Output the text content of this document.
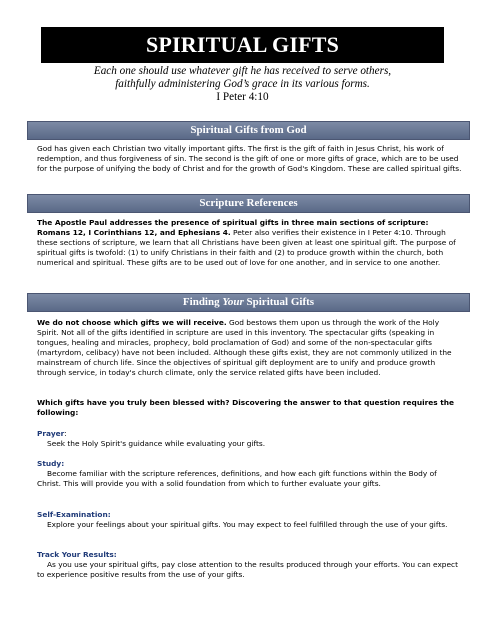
SPIRITUAL GIFTS
Each one should use whatever gift he has received to serve others,
faithfully administering God’s grace in its various forms.
I Peter 4:10
Spiritual Gifts from God

God has given each Christian two vitally important gifts. The first is the gift of faith in Jesus Christ, his work of redemption, and thus forgiveness of sin. The second is the gift of one or more gifts of grace, which are to be used for the purpose of unifying the body of Christ and for the growth of God's Kingdom. These are called spiritual gifts.

Scripture References

The Apostle Paul addresses the presence of spiritual gifts in three main sections of scripture: Romans 12, I Corinthians 12, and Ephesians 4. Peter also verifies their existence in I Peter 4:10. Through these sections of scripture, we learn that all Christians have been given at least one spiritual gift. The purpose of spiritual gifts is twofold: (1) to unify Christians in their faith and (2) to produce growth within the church, both numerical and spiritual. These gifts are to be used out of love for one another, and in service to one another.

Finding Your Spiritual Gifts

We do not choose which gifts we will receive. God bestows them upon us through the work of the Holy Spirit. Not all of the gifts identified in scripture are used in this inventory. The spectacular gifts (speaking in tongues, healing and miracles, prophecy, bold proclamation of God) and some of the non-spectacular gifts (martyrdom, celibacy) have not been included. Although these gifts exist, they are not commonly utilized in the mainstream of church life. Since the objectives of spiritual gift deployment are to unify and produce growth through service, in today's church climate, only the service related gifts have been included.

Which gifts have you truly been blessed with? Discovering the answer to that question requires the following:

Prayer:

Seek the Holy Spirit's guidance while evaluating your gifts.

Study:

Become familiar with the scripture references, definitions, and how each gift functions within the Body of Christ. This will provide you with a solid foundation from which to further evaluate your gifts.

Self-Examination:

Explore your feelings about your spiritual gifts. You may expect to feel fulfilled through the use of your gifts.

Track Your Results:

As you use your spiritual gifts, pay close attention to the results produced through your efforts. You can expect to experience positive results from the use of your gifts.
